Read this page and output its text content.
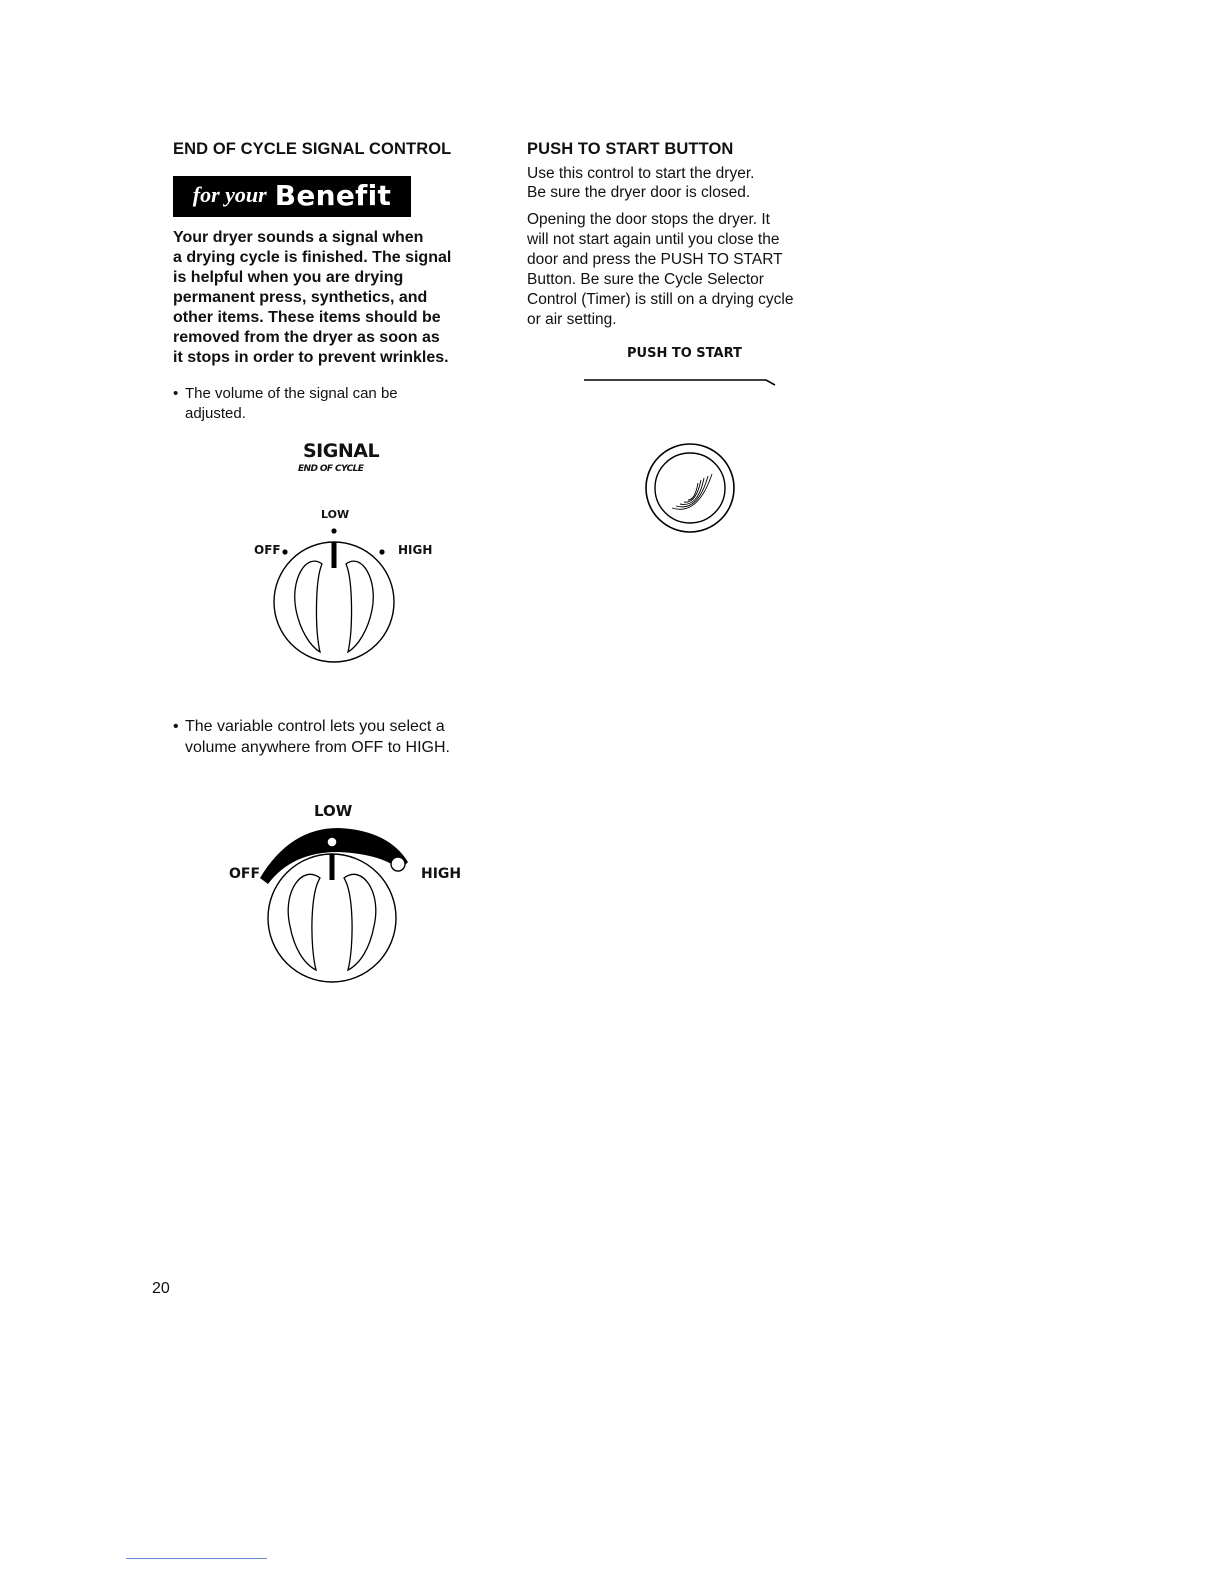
END OF CYCLE SIGNAL CONTROL
for your Benefit
Your dryer sounds a signal when
a drying cycle is finished. The signal
is helpful when you are drying
permanent press, synthetics, and
other items. These items should be
removed from the dryer as soon as
it stops in order to prevent wrinkles.
• The volume of the signal can be
adjusted.
SIGNAL
END OF CYCLE
LOW
OFF	HIGH
• The variable control lets you select a
volume anywhere from OFF to HIGH.
LOW
OFF	HIGH
PUSH TO START BUTTON
Use this control to start the dryer.
Be sure the dryer door is closed.
Opening the door stops the dryer. It
will not start again until you close the
door and press the PUSH TO START
Button. Be sure the Cycle Selector
Control (Timer) is still on a drying cycle
or air setting.
PUSH TO START
20
